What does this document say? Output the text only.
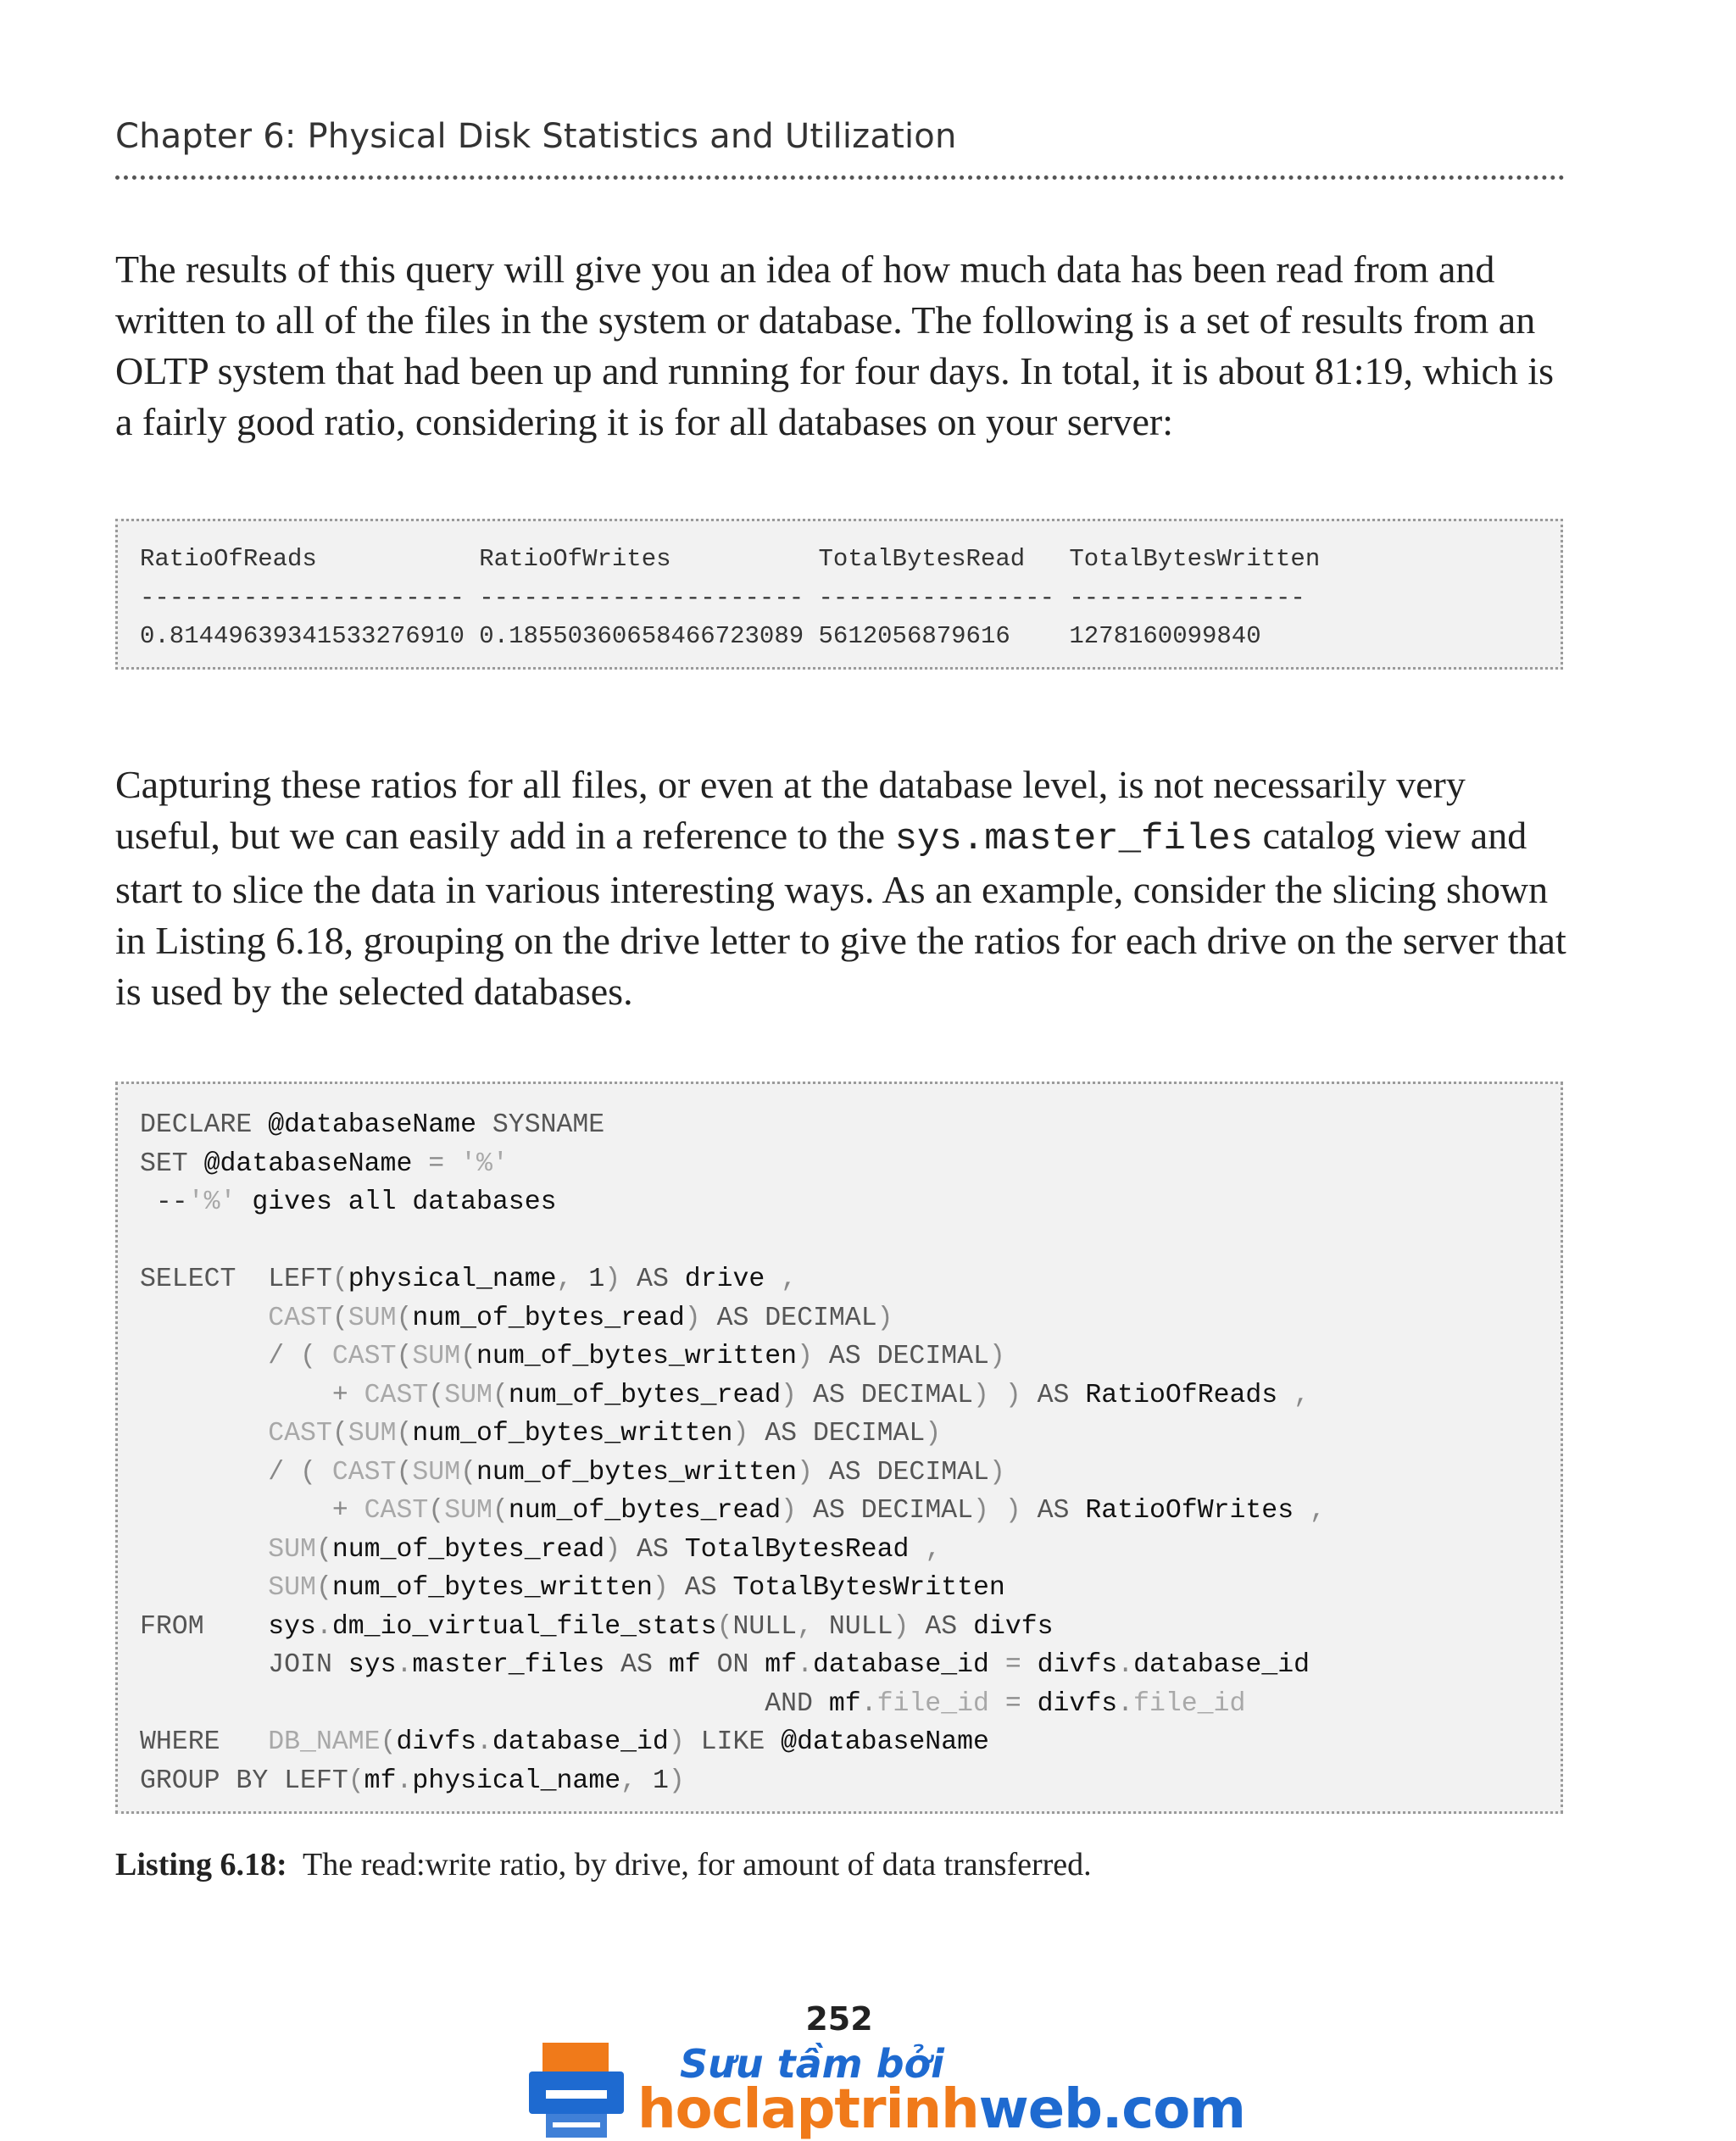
Chapter 6: Physical Disk Statistics and Utilization
The results of this query will give you an idea of how much data has been read from and written to all of the files in the system or database. The following is a set of results from an OLTP system that had been up and running for four days. In total, it is about 81:19, which is a fairly good ratio, considering it is for all databases on your server:
RatioOfReads           RatioOfWrites          TotalBytesRead   TotalBytesWritten
---------------------- ---------------------- ---------------- ----------------
0.81449639341533276910 0.18550360658466723089 5612056879616    1278160099840
Capturing these ratios for all files, or even at the database level, is not necessarily very useful, but we can easily add in a reference to the sys.master_files catalog view and start to slice the data in various interesting ways. As an example, consider the slicing shown in Listing 6.18, grouping on the drive letter to give the ratios for each drive on the server that is used by the selected databases.
DECLARE @databaseName SYSNAME
SET @databaseName = '%'
--'%' gives all databases

SELECT LEFT(physical_name, 1) AS drive ,
CAST(SUM(num_of_bytes_read) AS DECIMAL)
/ ( CAST(SUM(num_of_bytes_written) AS DECIMAL)
+ CAST(SUM(num_of_bytes_read) AS DECIMAL) ) AS RatioOfReads ,
CAST(SUM(num_of_bytes_written) AS DECIMAL)
/ ( CAST(SUM(num_of_bytes_written) AS DECIMAL)
+ CAST(SUM(num_of_bytes_read) AS DECIMAL) ) AS RatioOfWrites ,
SUM(num_of_bytes_read) AS TotalBytesRead ,
SUM(num_of_bytes_written) AS TotalBytesWritten
FROM sys.dm_io_virtual_file_stats(NULL, NULL) AS divfs
JOIN sys.master_files AS mf ON mf.database_id = divfs.database_id
AND mf.file_id = divfs.file_id
WHERE DB_NAME(divfs.database_id) LIKE @databaseName
GROUP BY LEFT(mf.physical_name, 1)
Listing 6.18: The read:write ratio, by drive, for amount of data transferred.
252
Sưu tầm bởi
hoclaptrinhweb.com
